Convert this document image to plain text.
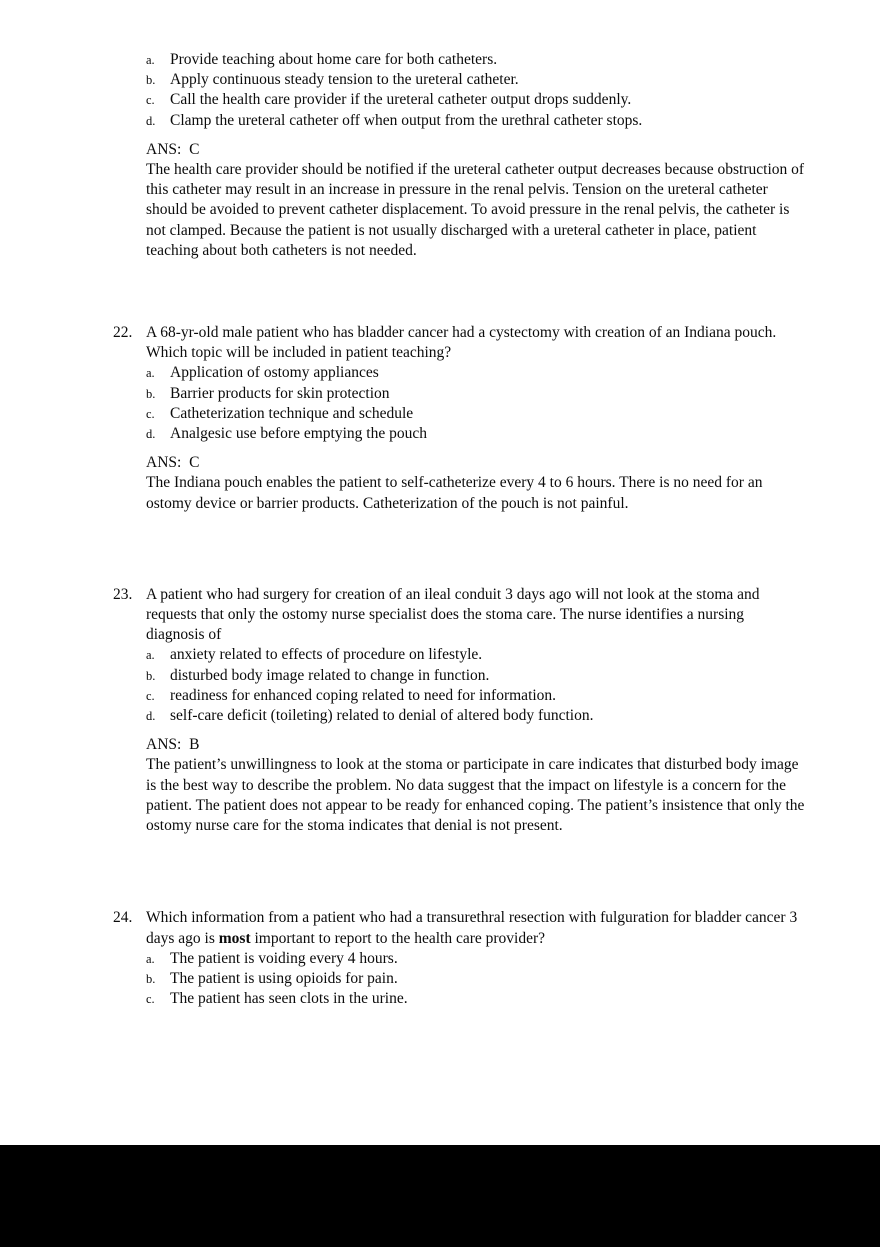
a. Provide teaching about home care for both catheters.
b. Apply continuous steady tension to the ureteral catheter.
c. Call the health care provider if the ureteral catheter output drops suddenly.
d. Clamp the ureteral catheter off when output from the urethral catheter stops.
ANS:  C
The health care provider should be notified if the ureteral catheter output decreases because obstruction of this catheter may result in an increase in pressure in the renal pelvis. Tension on the ureteral catheter should be avoided to prevent catheter displacement. To avoid pressure in the renal pelvis, the catheter is not clamped. Because the patient is not usually discharged with a ureteral catheter in place, patient teaching about both catheters is not needed.
22. A 68-yr-old male patient who has bladder cancer had a cystectomy with creation of an Indiana pouch. Which topic will be included in patient teaching?
a. Application of ostomy appliances
b. Barrier products for skin protection
c. Catheterization technique and schedule
d. Analgesic use before emptying the pouch
ANS:  C
The Indiana pouch enables the patient to self-catheterize every 4 to 6 hours. There is no need for an ostomy device or barrier products. Catheterization of the pouch is not painful.
23. A patient who had surgery for creation of an ileal conduit 3 days ago will not look at the stoma and requests that only the ostomy nurse specialist does the stoma care. The nurse identifies a nursing diagnosis of
a. anxiety related to effects of procedure on lifestyle.
b. disturbed body image related to change in function.
c. readiness for enhanced coping related to need for information.
d. self-care deficit (toileting) related to denial of altered body function.
ANS:  B
The patient’s unwillingness to look at the stoma or participate in care indicates that disturbed body image is the best way to describe the problem. No data suggest that the impact on lifestyle is a concern for the patient. The patient does not appear to be ready for enhanced coping. The patient’s insistence that only the ostomy nurse care for the stoma indicates that denial is not present.
24. Which information from a patient who had a transurethral resection with fulguration for bladder cancer 3 days ago is most important to report to the health care provider?
a. The patient is voiding every 4 hours.
b. The patient is using opioids for pain.
c. The patient has seen clots in the urine.
